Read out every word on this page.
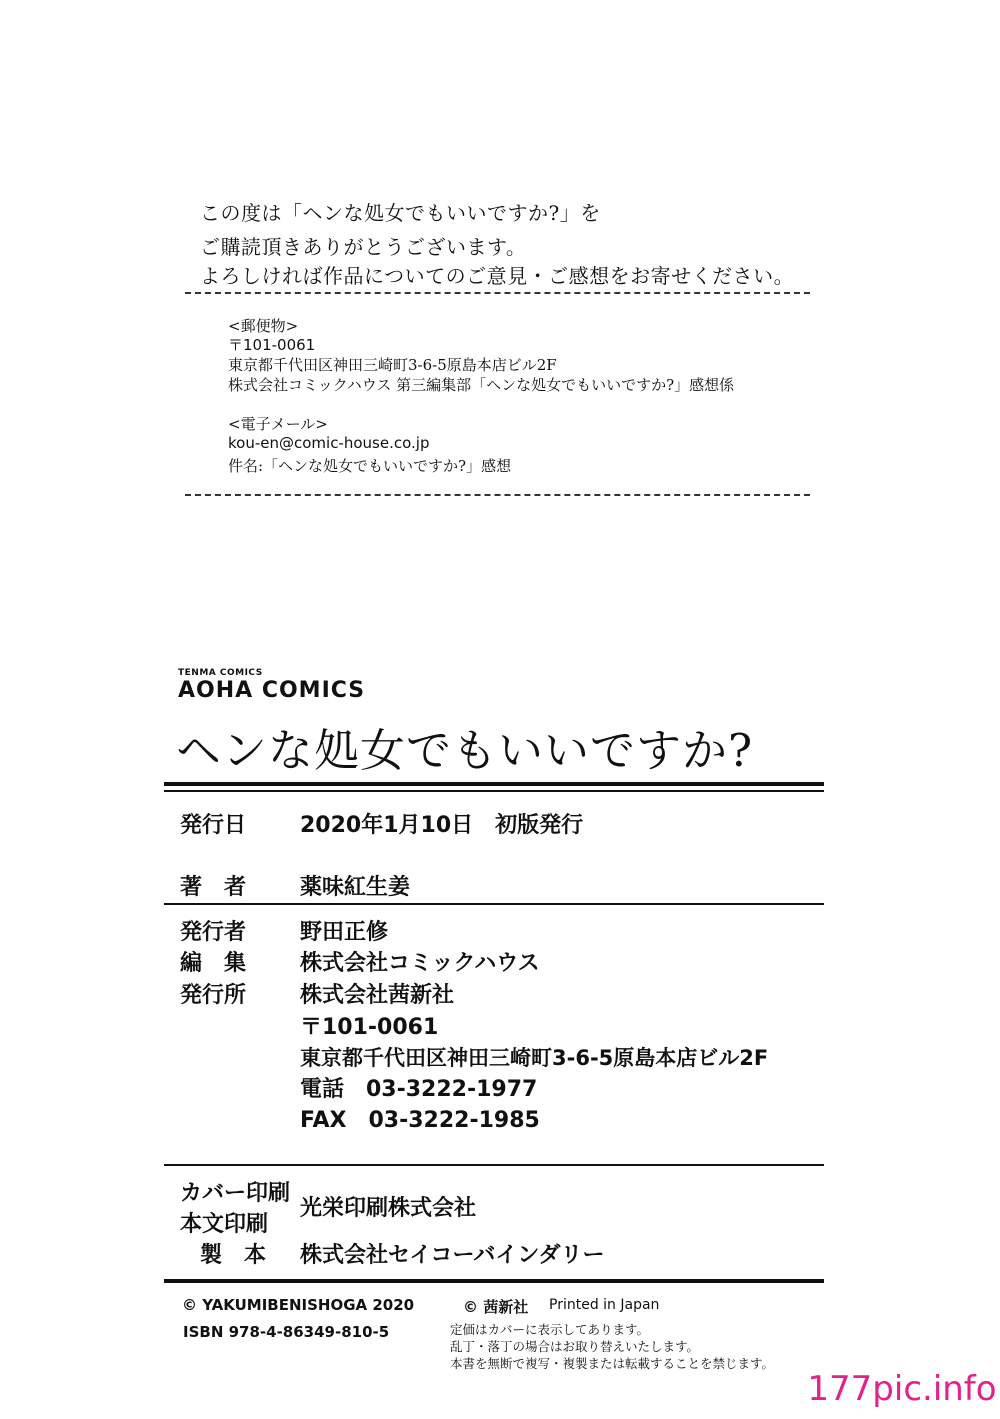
この度は「ヘンな処女でもいいですか?」を
ご購読頂きありがとうございます。
よろしければ作品についてのご意見・ご感想をお寄せください。
<郵便物>
〒101-0061
東京都千代田区神田三崎町3-6-5原島本店ビル2F
株式会社コミックハウス 第三編集部「ヘンな処女でもいいですか?」感想係
<電子メール>
kou-en@comic-house.co.jp
件名:「ヘンな処女でもいいですか?」感想
TENMA COMICS
AOHA COMICS
ヘンな処女でもいいですか?
発行日 2020年1月10日　初版発行
著　者 薬味紅生姜
発行者 野田正修
編　集 株式会社コミックハウス
発行所 株式会社茜新社
〒101-0061
東京都千代田区神田三崎町3-6-5原島本店ビル2F
電話　03-3222-1977
FAX　03-3222-1985
カバー印刷
本文印刷
光栄印刷株式会社
製　本 株式会社セイコーバインダリー
© YAKUMIBENISHOGA 2020	© 茜新社 Printed in Japan
ISBN 978-4-86349-810-5	定価はカバーに表示してあります。
乱丁・落丁の場合はお取り替えいたします。
本書を無断で複写・複製または転載することを禁じます。
177pic.info
